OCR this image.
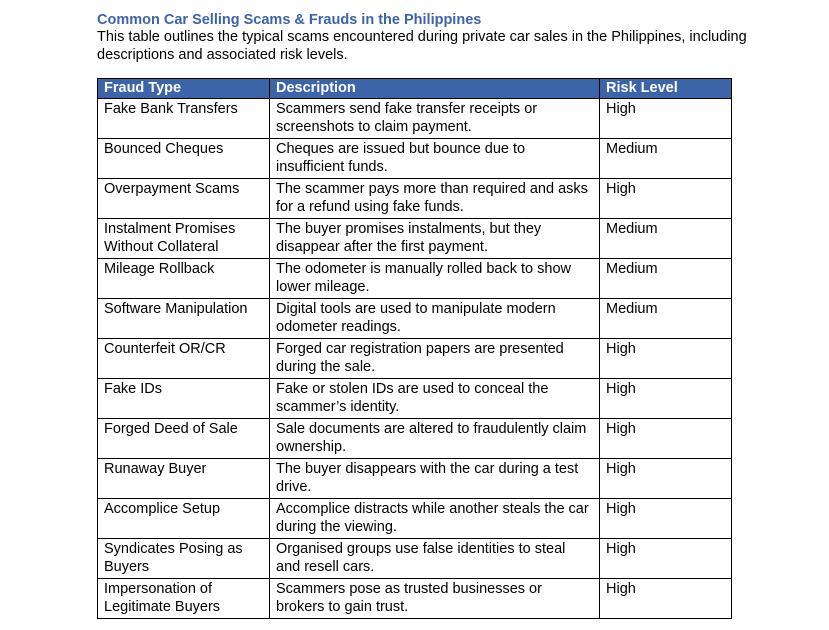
Common Car Selling Scams & Frauds in the Philippines
This table outlines the typical scams encountered during private car sales in the Philippines, including descriptions and associated risk levels.
Fraud Type	Description	Risk Level
Fake Bank Transfers	Scammers send fake transfer receipts or screenshots to claim payment.	High
Bounced Cheques	Cheques are issued but bounce due to insufficient funds.	Medium
Overpayment Scams	The scammer pays more than required and asks for a refund using fake funds.	High
Instalment Promises Without Collateral	The buyer promises instalments, but they disappear after the first payment.	Medium
Mileage Rollback	The odometer is manually rolled back to show lower mileage.	Medium
Software Manipulation	Digital tools are used to manipulate modern odometer readings.	Medium
Counterfeit OR/CR	Forged car registration papers are presented during the sale.	High
Fake IDs	Fake or stolen IDs are used to conceal the scammer’s identity.	High
Forged Deed of Sale	Sale documents are altered to fraudulently claim ownership.	High
Runaway Buyer	The buyer disappears with the car during a test drive.	High
Accomplice Setup	Accomplice distracts while another steals the car during the viewing.	High
Syndicates Posing as Buyers	Organised groups use false identities to steal and resell cars.	High
Impersonation of Legitimate Buyers	Scammers pose as trusted businesses or brokers to gain trust.	High
